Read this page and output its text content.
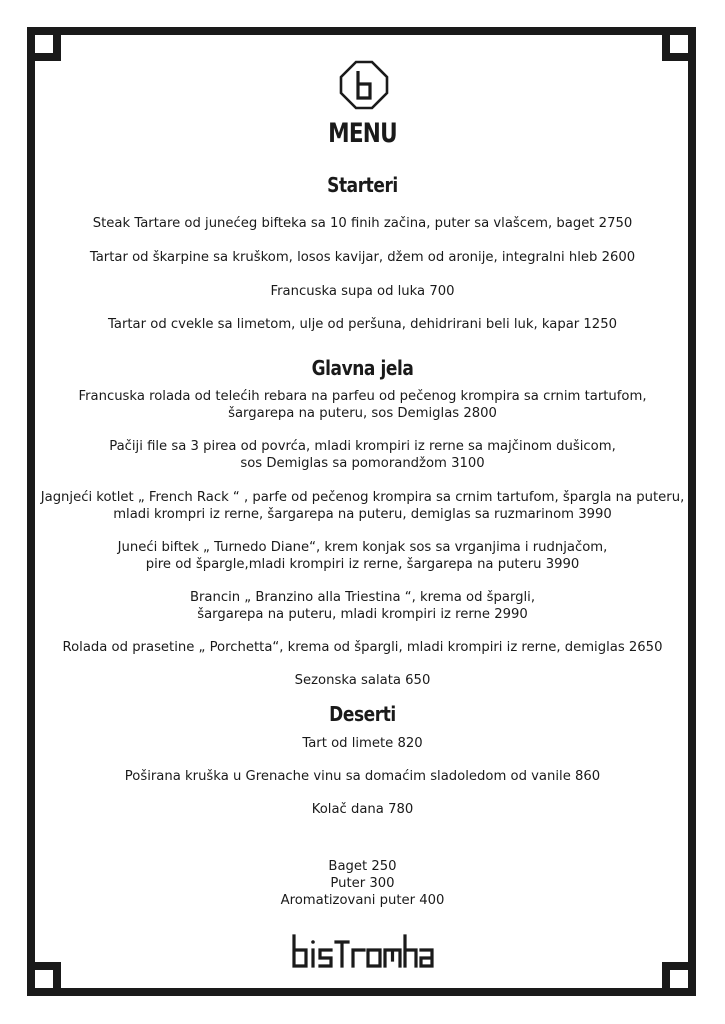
MENU
Starteri
Steak Tartare od junećeg bifteka sa 10 finih začina, puter sa vlašcem, baget 2750
Tartar od škarpine sa kruškom, losos kavijar, džem od aronije, integralni hleb 2600
Francuska supa od luka 700
Tartar od cvekle sa limetom, ulje od peršuna, dehidrirani beli luk, kapar 1250
Glavna jela
Francuska rolada od telećih rebara na parfeu od pečenog krompira sa crnim tartufom,
šargarepa na puteru, sos Demiglas 2800
Pačiji file sa 3 pirea od povrća, mladi krompiri iz rerne sa majčinom dušicom,
sos Demiglas sa pomorandžom 3100
Jagnjeći kotlet „ French Rack “ , parfe od pečenog krompira sa crnim tartufom, špargla na puteru,
mladi krompri iz rerne, šargarepa na puteru, demiglas sa ruzmarinom 3990
Juneći biftek „ Turnedo Diane“, krem konjak sos sa vrganjima i rudnjačom,
pire od špargle,mladi krompiri iz rerne, šargarepa na puteru 3990
Brancin „ Branzino alla Triestina “, krema od špargli,
šargarepa na puteru, mladi krompiri iz rerne 2990
Rolada od prasetine „ Porchetta“, krema od špargli, mladi krompiri iz rerne, demiglas 2650
Sezonska salata 650
Deserti
Tart od limete 820
Poširana kruška u Grenache vinu sa domaćim sladoledom od vanile 860
Kolač dana 780
Baget 250
Puter 300
Aromatizovani puter 400
